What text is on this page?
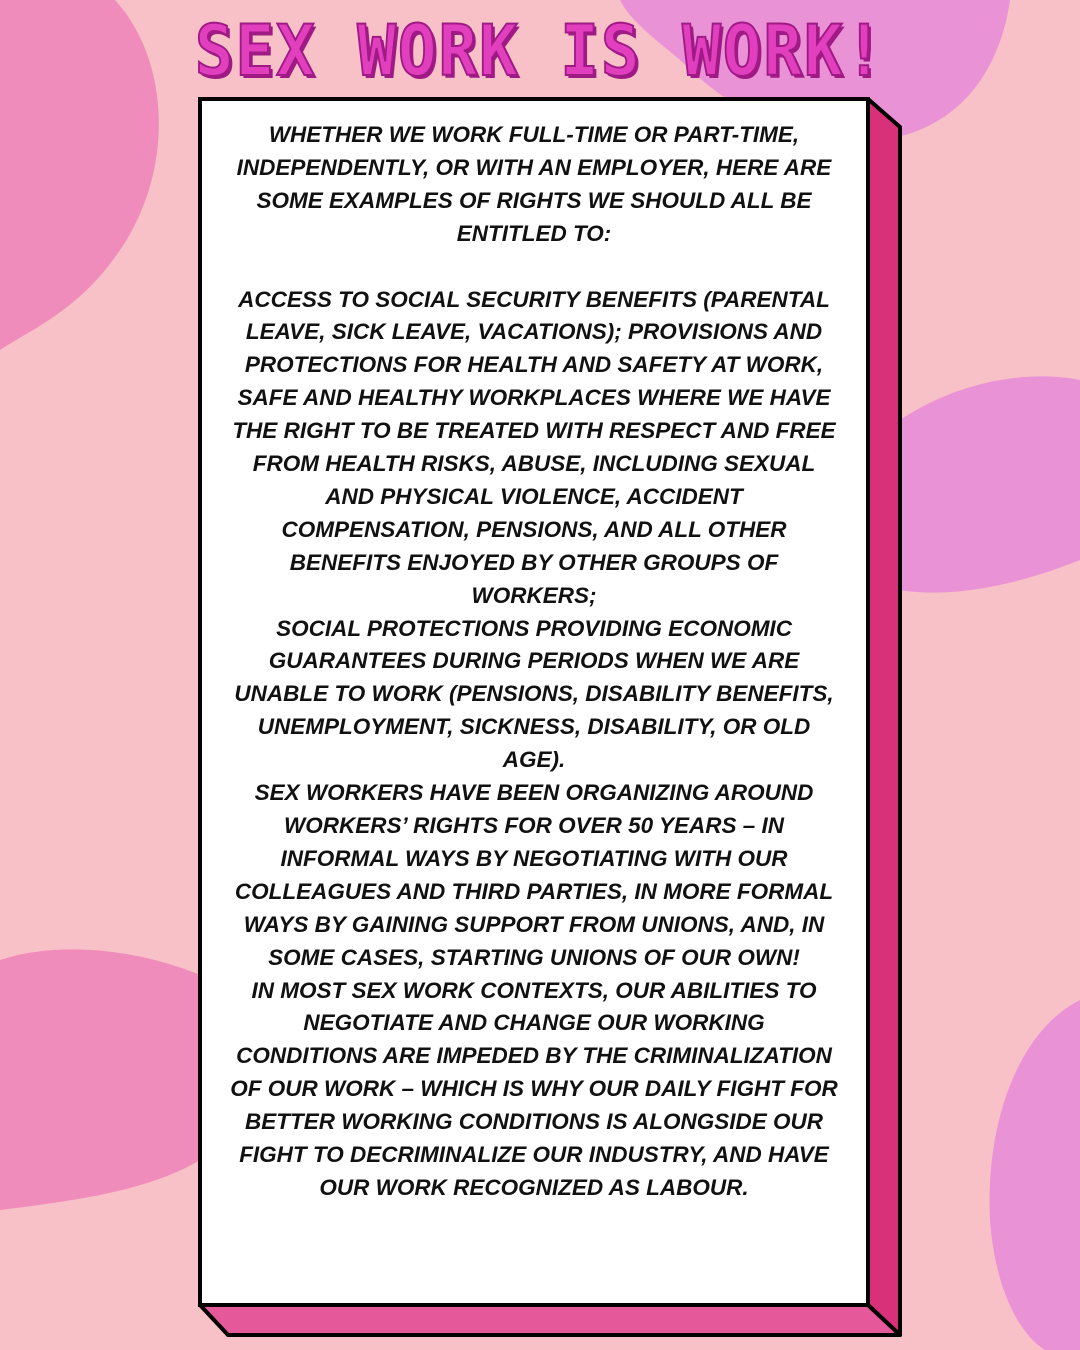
SEX WORK IS WORK!

WHETHER WE WORK FULL-TIME OR PART-TIME, INDEPENDENTLY, OR WITH AN EMPLOYER, HERE ARE SOME EXAMPLES OF RIGHTS WE SHOULD ALL BE ENTITLED TO:

ACCESS TO SOCIAL SECURITY BENEFITS (PARENTAL LEAVE, SICK LEAVE, VACATIONS); PROVISIONS AND PROTECTIONS FOR HEALTH AND SAFETY AT WORK, SAFE AND HEALTHY WORKPLACES WHERE WE HAVE THE RIGHT TO BE TREATED WITH RESPECT AND FREE FROM HEALTH RISKS, ABUSE, INCLUDING SEXUAL AND PHYSICAL VIOLENCE, ACCIDENT COMPENSATION, PENSIONS, AND ALL OTHER BENEFITS ENJOYED BY OTHER GROUPS OF WORKERS;

SOCIAL PROTECTIONS PROVIDING ECONOMIC GUARANTEES DURING PERIODS WHEN WE ARE UNABLE TO WORK (PENSIONS, DISABILITY BENEFITS, UNEMPLOYMENT, SICKNESS, DISABILITY, OR OLD AGE).

SEX WORKERS HAVE BEEN ORGANIZING AROUND WORKERS’ RIGHTS FOR OVER 50 YEARS – IN INFORMAL WAYS BY NEGOTIATING WITH OUR COLLEAGUES AND THIRD PARTIES, IN MORE FORMAL WAYS BY GAINING SUPPORT FROM UNIONS, AND, IN SOME CASES, STARTING UNIONS OF OUR OWN!

IN MOST SEX WORK CONTEXTS, OUR ABILITIES TO NEGOTIATE AND CHANGE OUR WORKING CONDITIONS ARE IMPEDED BY THE CRIMINALIZATION OF OUR WORK – WHICH IS WHY OUR DAILY FIGHT FOR BETTER WORKING CONDITIONS IS ALONGSIDE OUR FIGHT TO DECRIMINALIZE OUR INDUSTRY, AND HAVE OUR WORK RECOGNIZED AS LABOUR.
